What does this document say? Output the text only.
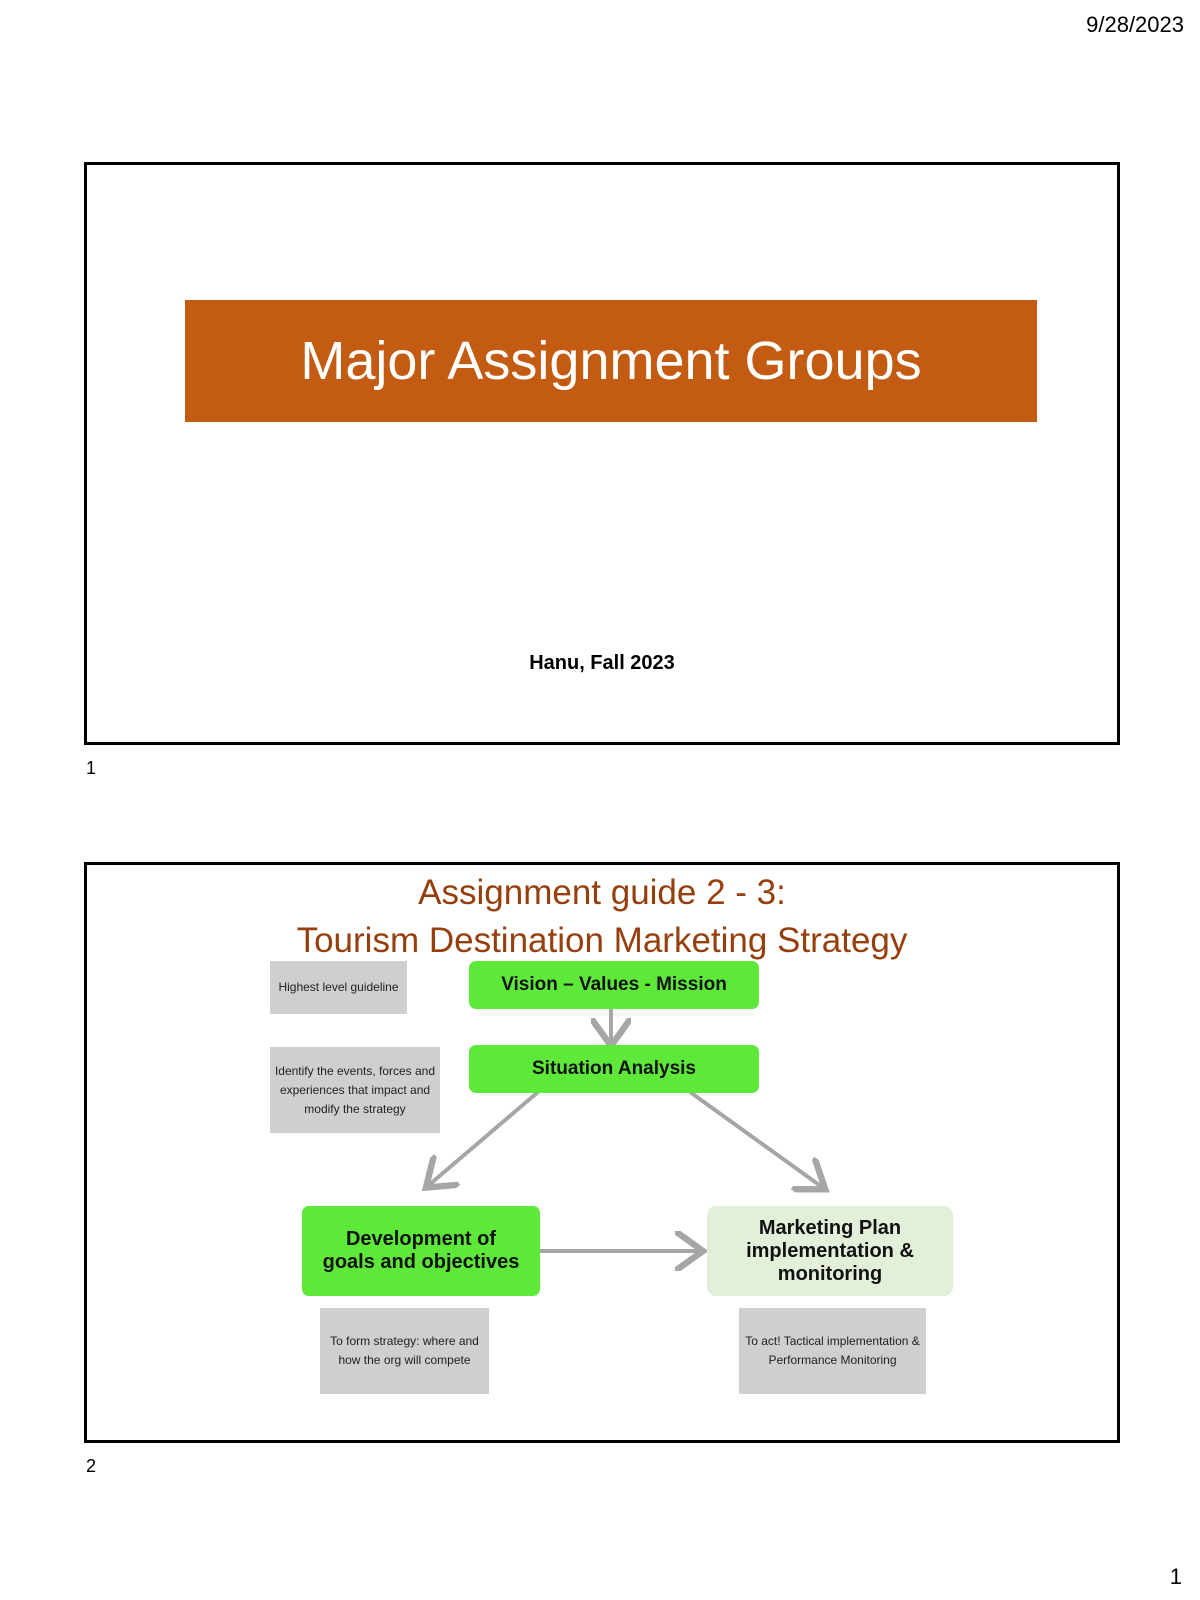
9/28/2023
Major Assignment Groups
Hanu, Fall 2023
1
Assignment guide 2 - 3:
Tourism Destination Marketing Strategy
Highest level guideline
Identify the events, forces and experiences that impact and modify the strategy
Vision – Values - Mission
Situation Analysis
Development of goals and objectives
Marketing Plan implementation & monitoring
To form strategy: where and how the org will compete
To act! Tactical implementation & Performance Monitoring
2
1
